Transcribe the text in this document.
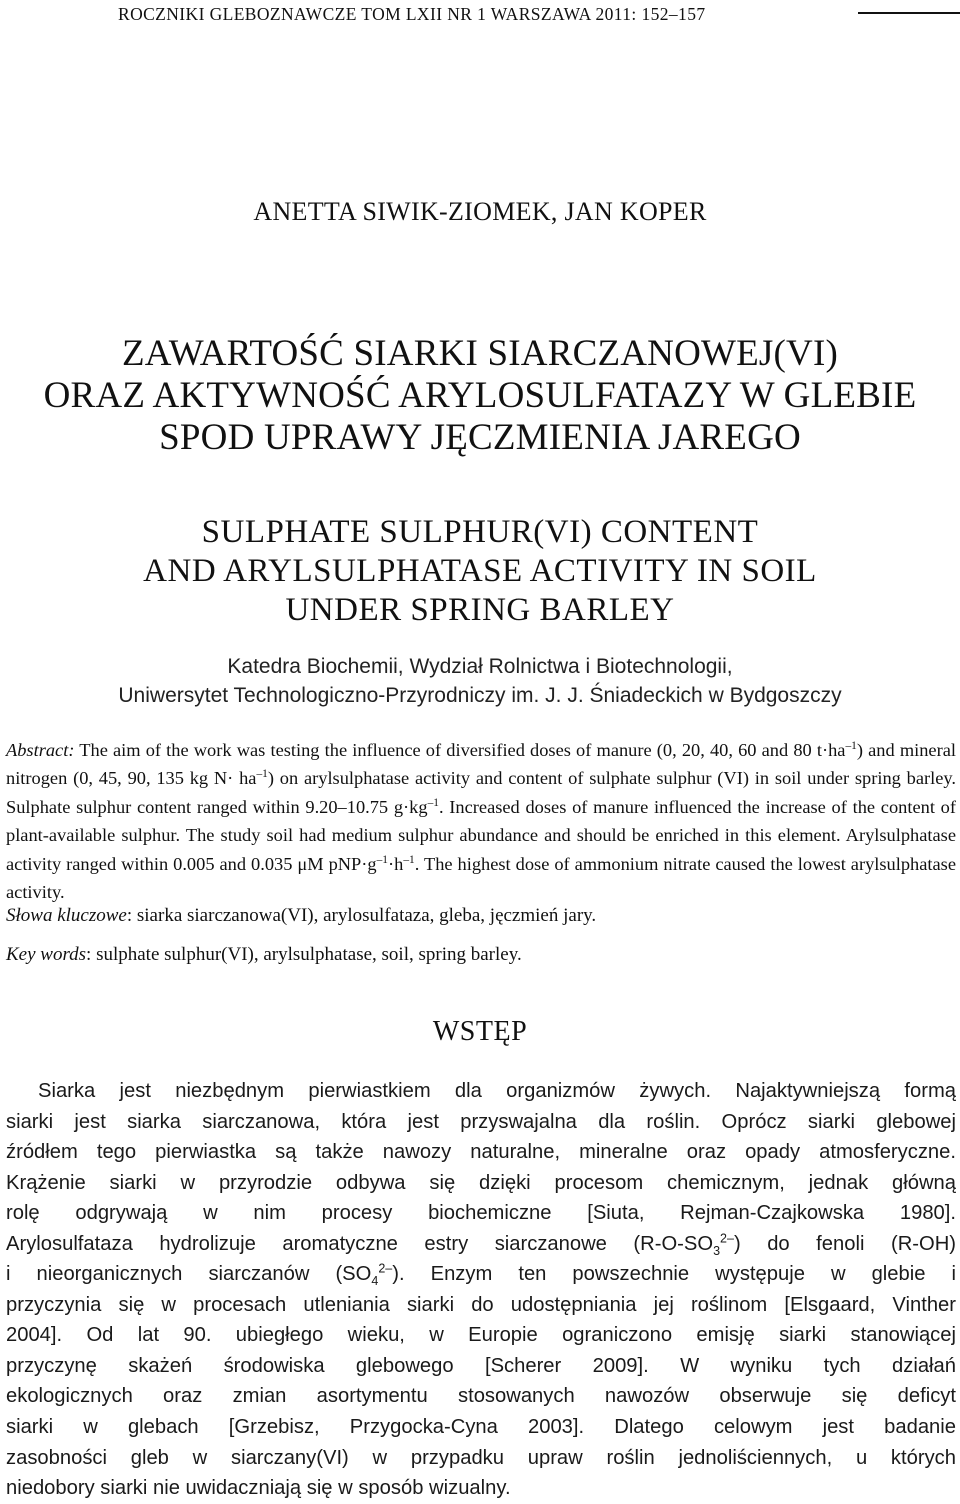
ROCZNIKI GLEBOZNAWCZE TOM LXII NR 1 WARSZAWA 2011: 152–157
ANETTA SIWIK-ZIOMEK, JAN KOPER
ZAWARTOŚĆ SIARKI SIARCZANOWEJ(VI)
ORAZ AKTYWNOŚĆ ARYLOSULFATAZY W GLEBIE
SPOD UPRAWY JĘCZMIENIA JAREGO
SULPHATE SULPHUR(VI) CONTENT
AND ARYLSULPHATASE ACTIVITY IN SOIL
UNDER SPRING BARLEY
Katedra Biochemii, Wydział Rolnictwa i Biotechnologii,
Uniwersytet Technologiczno-Przyrodniczy im. J. J. Śniadeckich w Bydgoszczy
Abstract: The aim of the work was testing the influence of diversified doses of manure (0, 20, 40, 60 and 80 $t\cdot ha^{-1}$) and mineral nitrogen (0, 45, 90, 135 kg $N\cdot ha^{-1}$) on arylsulphatase activity and content of sulphate sulphur (VI) in soil under spring barley. Sulphate sulphur content ranged within 9.20–10.75 $g\cdot kg^{-1}$. Increased doses of manure influenced the increase of the content of plant-available sulphur. The study soil had medium sulphur abundance and should be enriched in this element. Arylsulphatase activity ranged within 0.005 and 0.035 μM $pNP\cdot g^{-1}\cdot h^{-1}$. The highest dose of ammonium nitrate caused the lowest arylsulphatase activity.
Słowa kluczowe: siarka siarczanowa(VI), arylosulfataza, gleba, jęczmień jary.
Key words: sulphate sulphur(VI), arylsulphatase, soil, spring barley.
WSTĘP
Siarka jest niezbędnym pierwiastkiem dla organizmów żywych. Najaktywniejszą formą
siarki jest siarka siarczanowa, która jest przyswajalna dla roślin. Oprócz siarki glebowej
źródłem tego pierwiastka są także nawozy naturalne, mineralne oraz opady atmosferyczne.
Krążenie siarki w przyrodzie odbywa się dzięki procesom chemicznym, jednak główną
rolę odgrywają w nim procesy biochemiczne [Siuta, Rejman-Czajkowska 1980].
Arylosulfataza hydrolizuje aromatyczne estry siarczanowe $(R-O-SO_3^{2-})$ do fenoli (R-OH)
i nieorganicznych siarczanów $(SO_4^{2-})$. Enzym ten powszechnie występuje w glebie i
przyczynia się w procesach utleniania siarki do udostępniania jej roślinom [Elsgaard, Vinther
2004]. Od lat 90. ubiegłego wieku, w Europie ograniczono emisję siarki stanowiącej
przyczynę skażeń środowiska glebowego [Scherer 2009]. W wyniku tych działań
ekologicznych oraz zmian asortymentu stosowanych nawozów obserwuje się deficyt
siarki w glebach [Grzebisz, Przygocka-Cyna 2003]. Dlatego celowym jest badanie
zasobności gleb w siarczany(VI) w przypadku upraw roślin jednoliściennych, u których
niedobory siarki nie uwidaczniają się w sposób wizualny.
